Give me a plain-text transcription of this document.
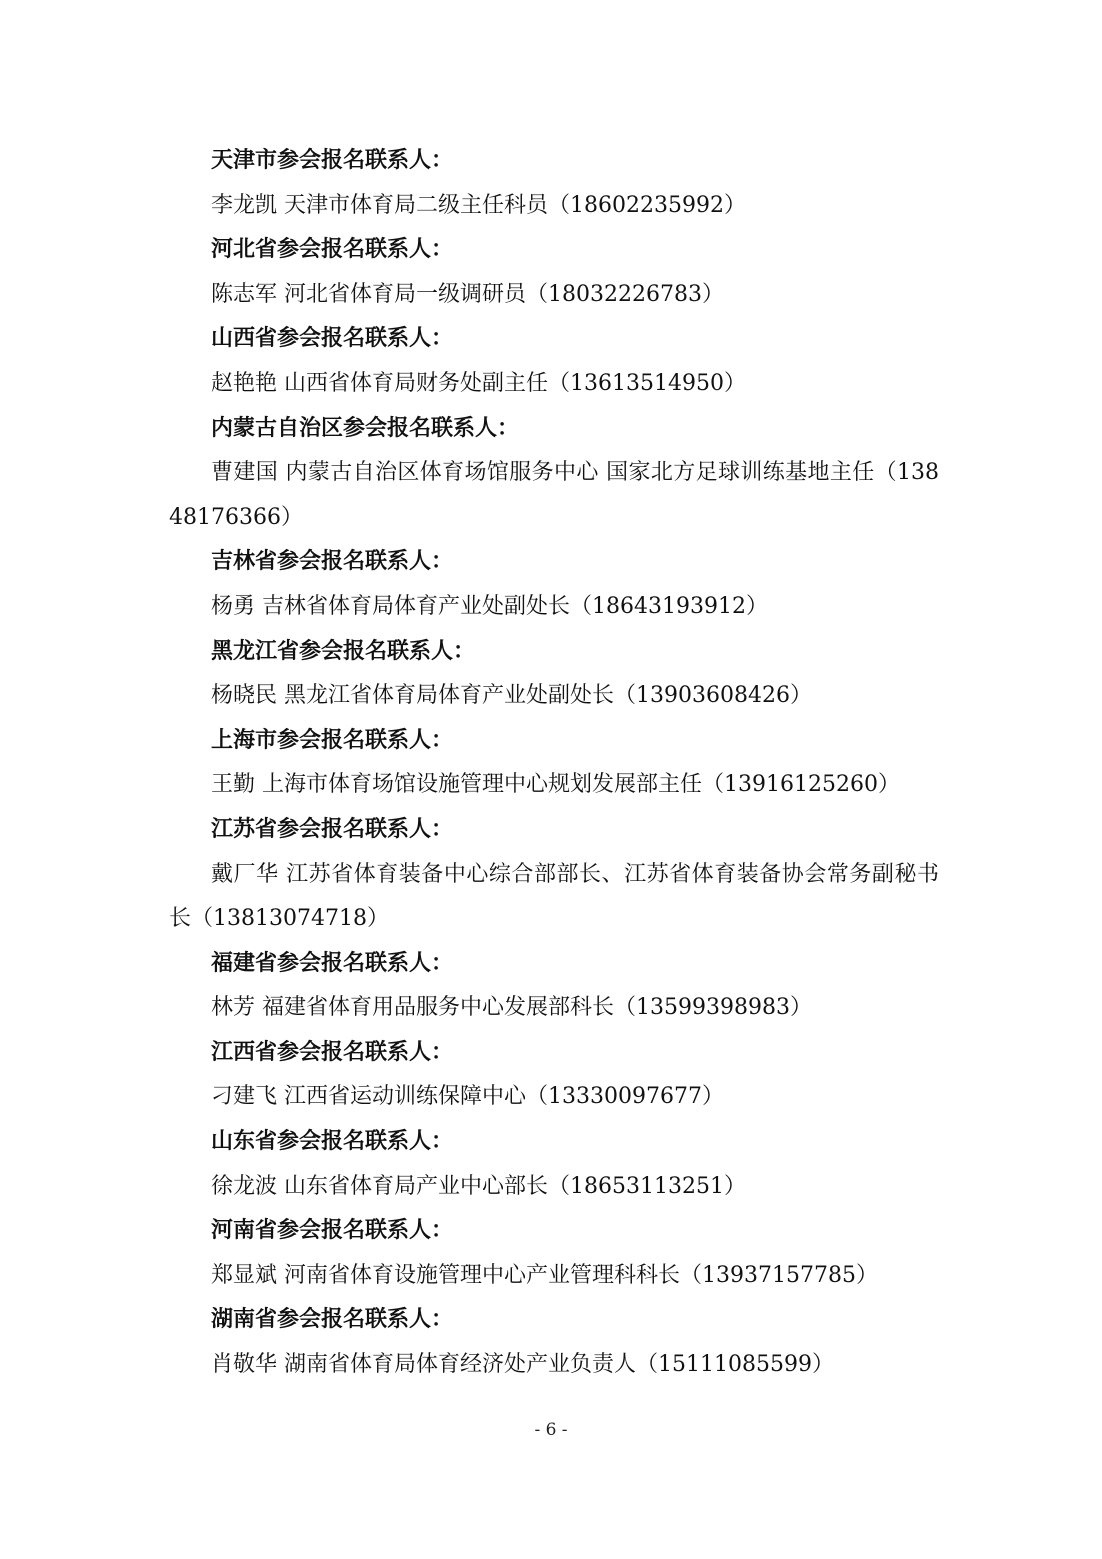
天津市参会报名联系人：
李龙凯 天津市体育局二级主任科员（18602235992）
河北省参会报名联系人：
陈志军 河北省体育局一级调研员（18032226783）
山西省参会报名联系人：
赵艳艳 山西省体育局财务处副主任（13613514950）
内蒙古自治区参会报名联系人：
曹建国 内蒙古自治区体育场馆服务中心 国家北方足球训练基地主任（13848176366）
吉林省参会报名联系人：
杨勇 吉林省体育局体育产业处副处长（18643193912）
黑龙江省参会报名联系人：
杨晓民 黑龙江省体育局体育产业处副处长（13903608426）
上海市参会报名联系人：
王勤 上海市体育场馆设施管理中心规划发展部主任（13916125260）
江苏省参会报名联系人：
戴厂华 江苏省体育装备中心综合部部长、江苏省体育装备协会常务副秘书长（13813074718）
福建省参会报名联系人：
林芳 福建省体育用品服务中心发展部科长（13599398983）
江西省参会报名联系人：
刁建飞 江西省运动训练保障中心（13330097677）
山东省参会报名联系人：
徐龙波 山东省体育局产业中心部长（18653113251）
河南省参会报名联系人：
郑显斌 河南省体育设施管理中心产业管理科科长（13937157785）
湖南省参会报名联系人：
肖敬华 湖南省体育局体育经济处产业负责人（15111085599）
- 6 -
